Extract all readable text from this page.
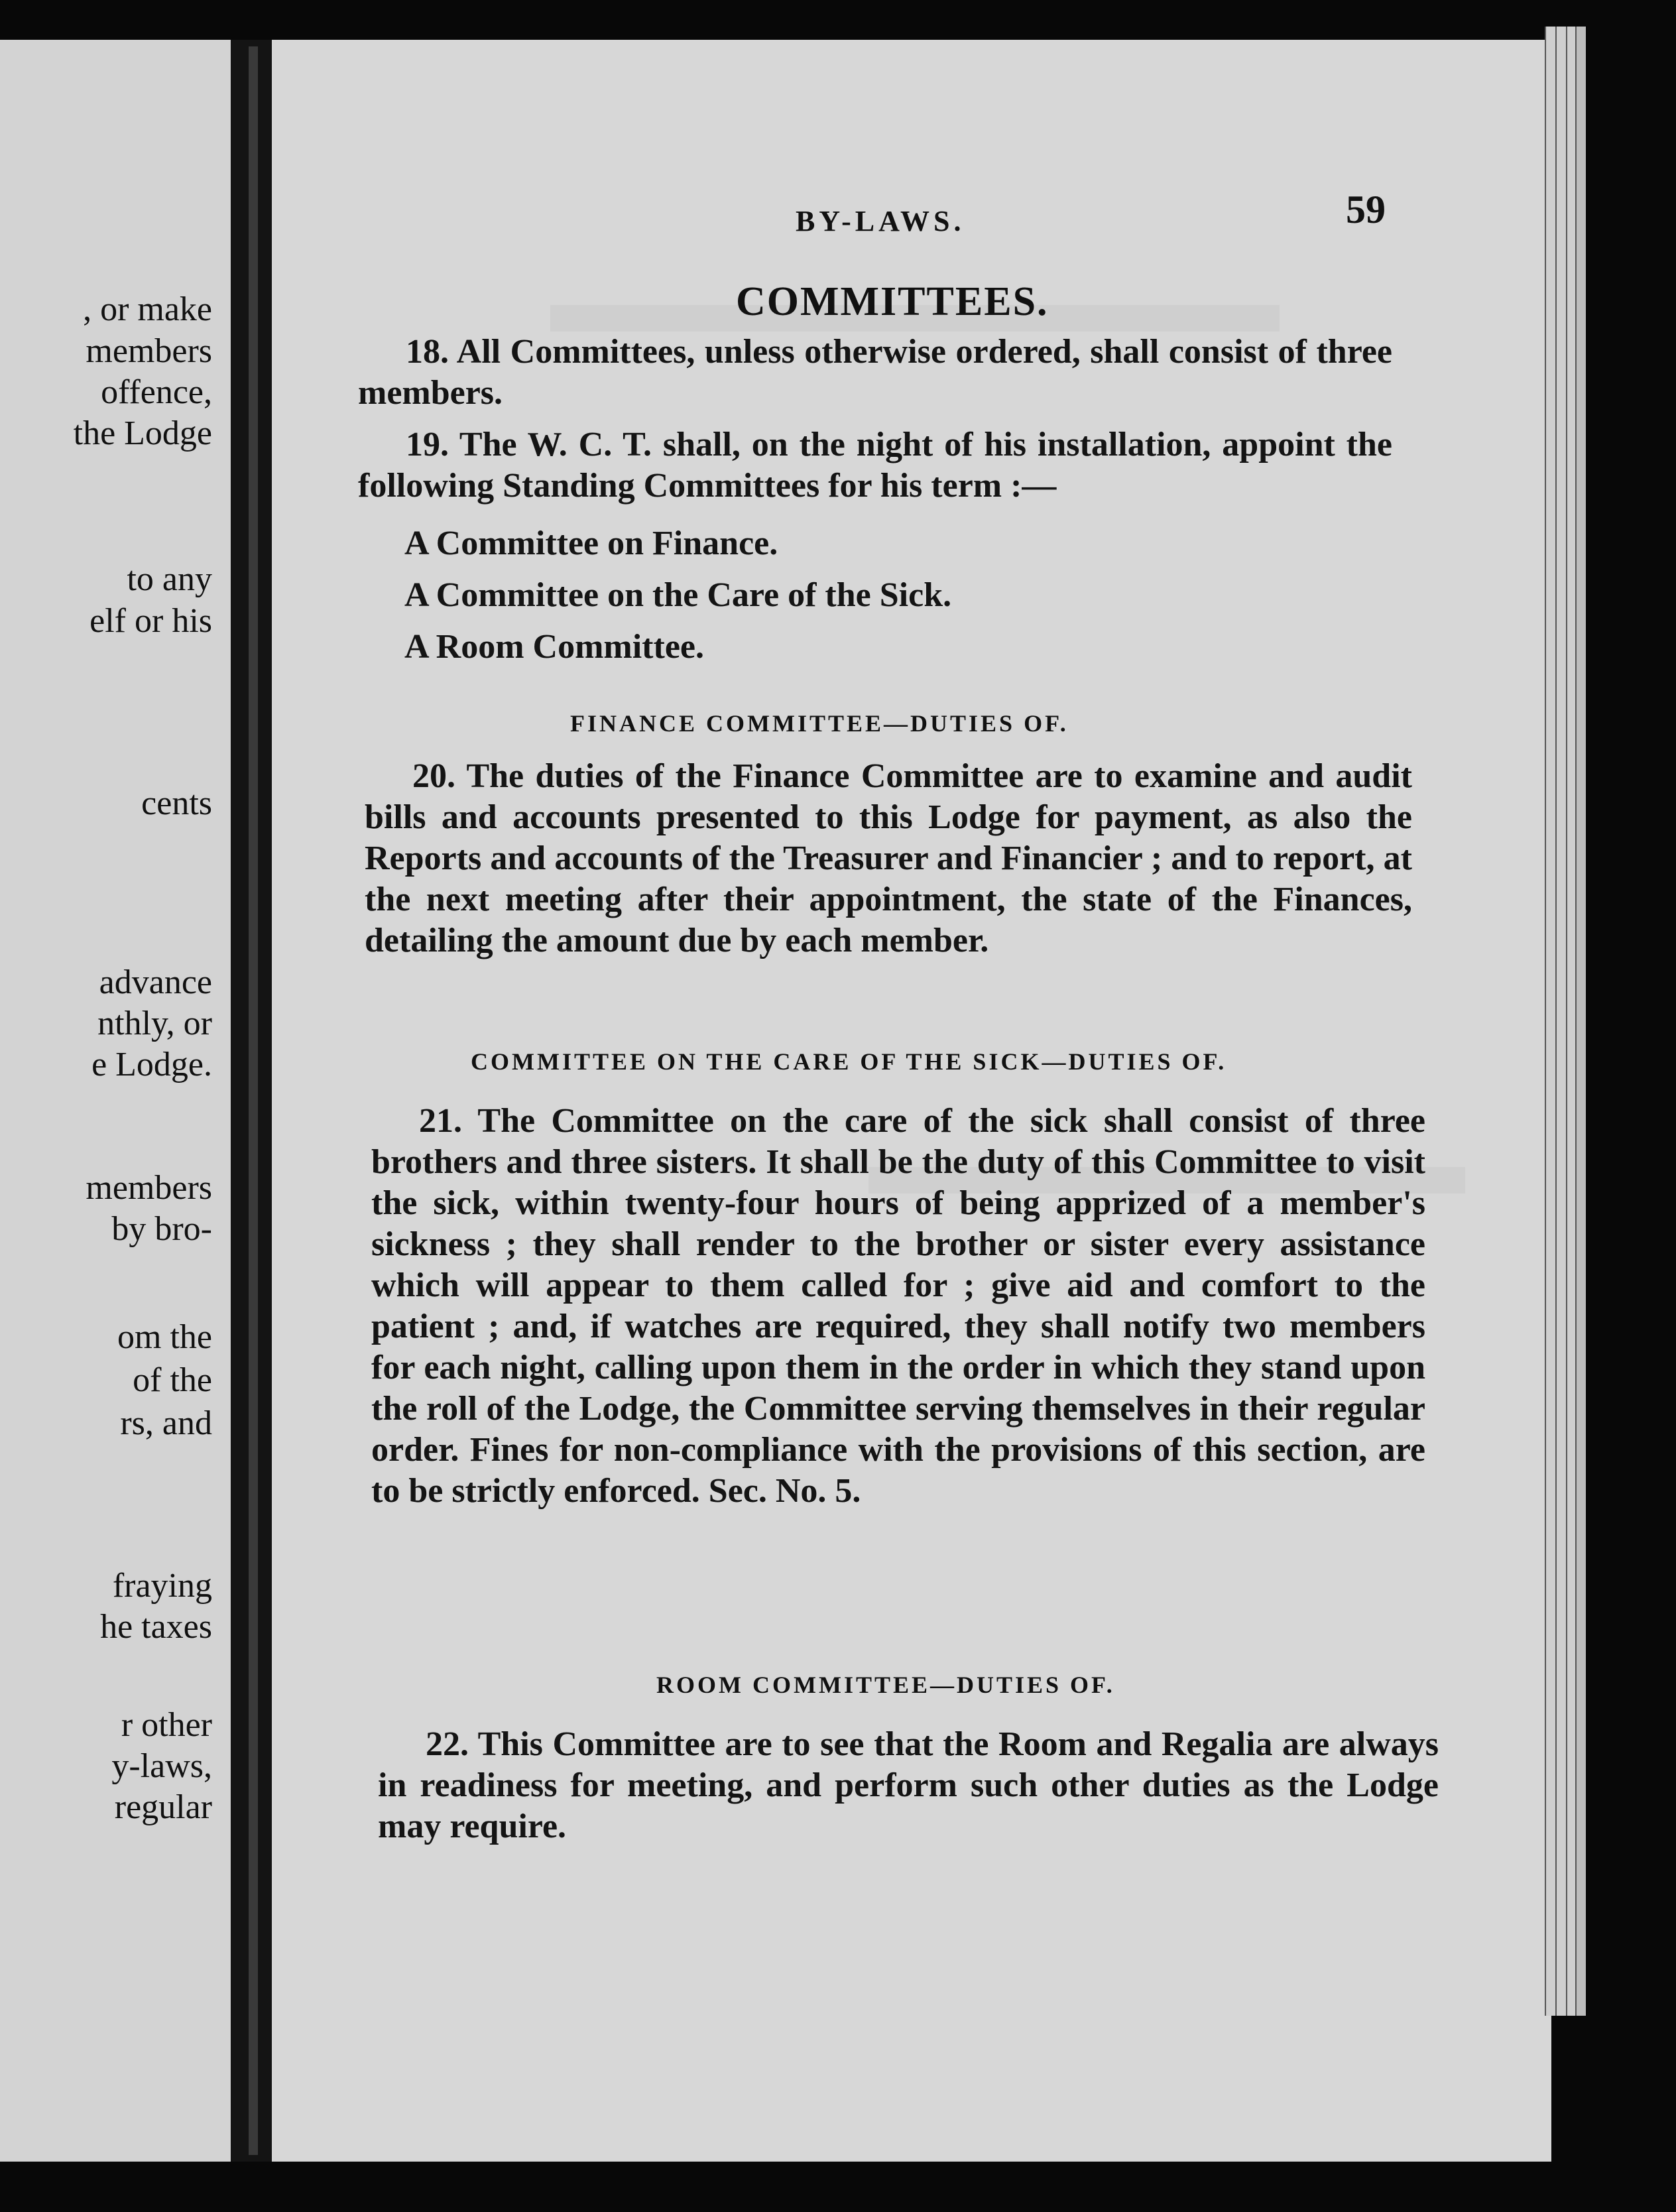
, or make
members
offence,
the Lodge
to any
elf or his
cents
advance
nthly, or
e Lodge.
members
by bro-
om the
of the
rs, and
fraying
he taxes
r other
y-laws,
regular
BY-LAWS.	59
COMMITTEES.
18. All Committees, unless otherwise ordered, shall consist of three members.
19. The W. C. T. shall, on the night of his installation, appoint the following Standing Committees for his term :—
A Committee on Finance.
A Committee on the Care of the Sick.
A Room Committee.
FINANCE COMMITTEE—DUTIES OF.
20. The duties of the Finance Committee are to examine and audit bills and accounts presented to this Lodge for payment, as also the Reports and accounts of the Treasurer and Financier ; and to report, at the next meeting after their appointment, the state of the Finances, detailing the amount due by each member.
COMMITTEE ON THE CARE OF THE SICK—DUTIES OF.
21. The Committee on the care of the sick shall consist of three brothers and three sisters. It shall be the duty of this Committee to visit the sick, within twenty-four hours of being apprized of a member's sickness ; they shall render to the brother or sister every assistance which will appear to them called for ; give aid and comfort to the patient ; and, if watches are required, they shall notify two members for each night, calling upon them in the order in which they stand upon the roll of the Lodge, the Committee serving themselves in their regular order. Fines for non-compliance with the provisions of this section, are to be strictly enforced. Sec. No. 5.
ROOM COMMITTEE—DUTIES OF.
22. This Committee are to see that the Room and Regalia are always in readiness for meeting, and perform such other duties as the Lodge may require.
